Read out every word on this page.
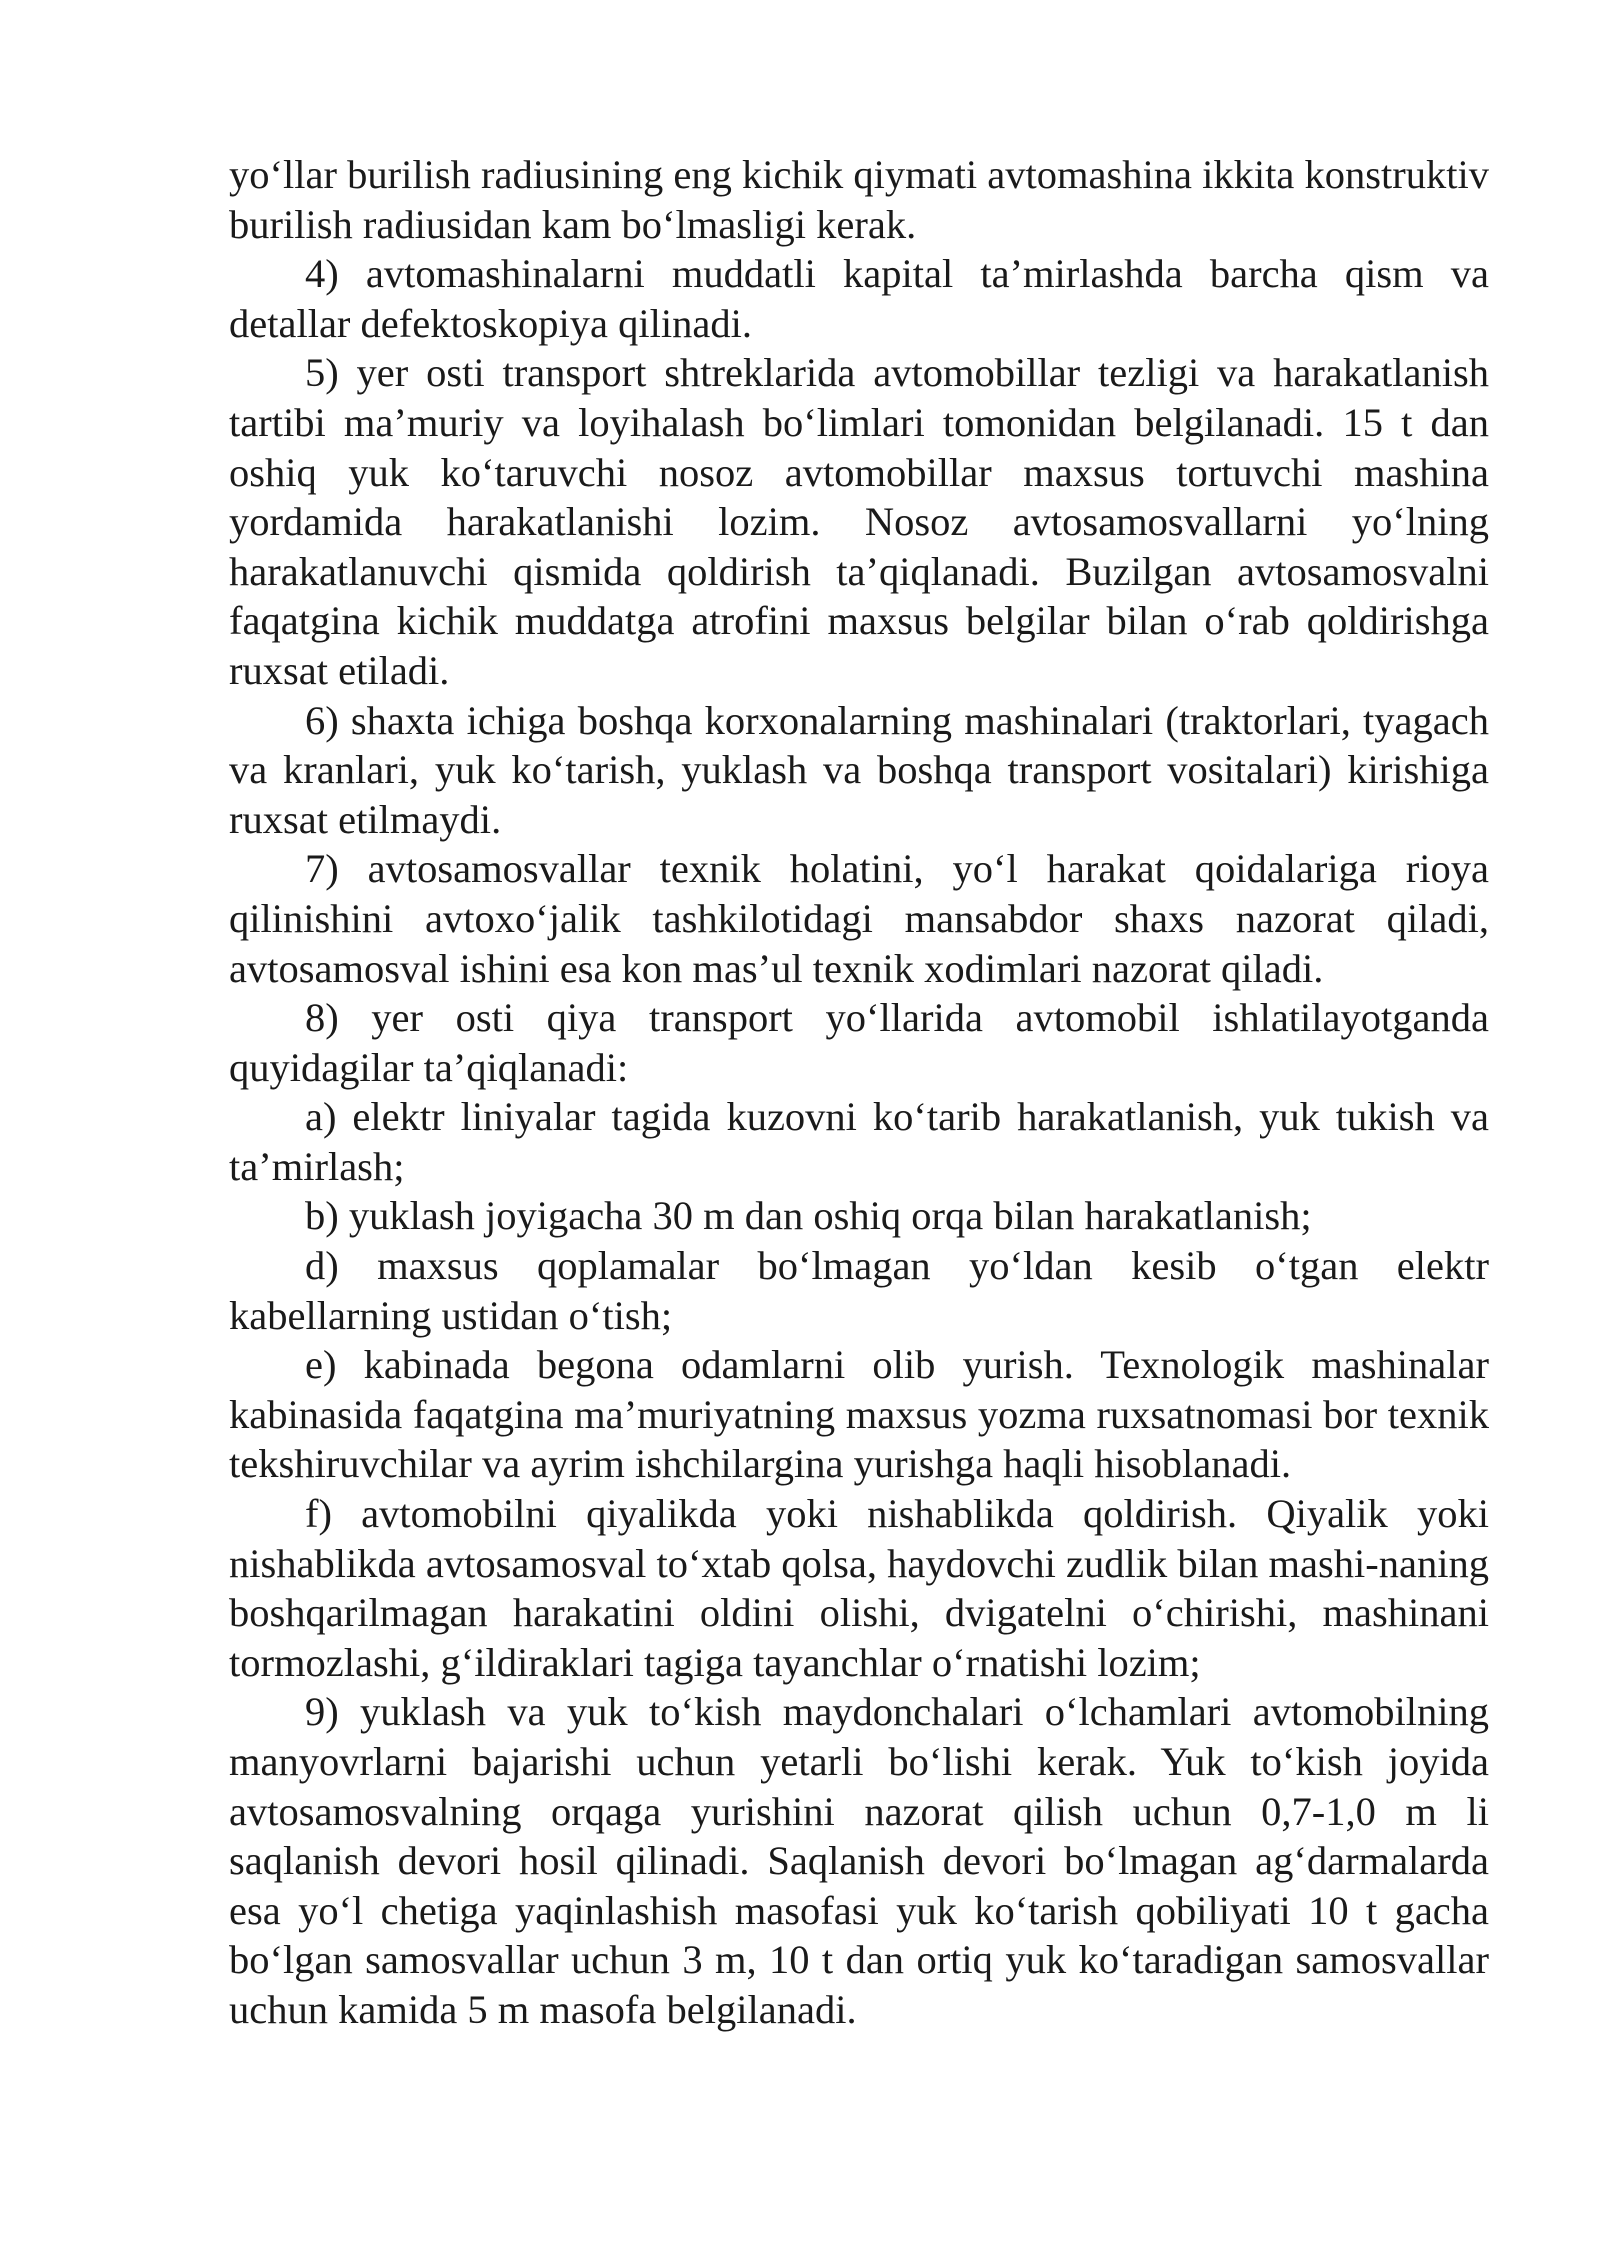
yo‘llar burilish radiusining eng kichik qiymati avtomashina ikkita konstruktiv burilish radiusidan kam bo‘lmasligi kerak.

4) avtomashinalarni muddatli kapital ta’mirlashda barcha qism va detallar defektoskopiya qilinadi.

5) yer osti transport shtreklarida avtomobillar tezligi va harakatlanish tartibi ma’muriy va loyihalash bo‘limlari tomonidan belgilanadi. 15 t dan oshiq yuk ko‘taruvchi nosoz avtomobillar maxsus tortuvchi mashina yordamida harakatlanishi lozim. Nosoz avtosamosvallarni yo‘lning harakatlanuvchi qismida qoldirish ta’qiqlanadi. Buzilgan avtosamosvalni faqatgina kichik muddatga atrofini maxsus belgilar bilan o‘rab qoldirishga ruxsat etiladi.

6) shaxta ichiga boshqa korxonalarning mashinalari (traktorlari, tyagach va kranlari, yuk ko‘tarish, yuklash va boshqa transport vositalari) kirishiga ruxsat etilmaydi.

7) avtosamosvallar texnik holatini, yo‘l harakat qoidalariga rioya qilinishini avtoxo‘jalik tashkilotidagi mansabdor shaxs nazorat qiladi, avtosamosval ishini esa kon mas’ul texnik xodimlari nazorat qiladi.

8) yer osti qiya transport yo‘llarida avtomobil ishlatilayotganda quyidagilar ta’qiqlanadi:

a) elektr liniyalar tagida kuzovni ko‘tarib harakatlanish, yuk tukish va ta’mirlash;

b) yuklash joyigacha 30 m dan oshiq orqa bilan harakatlanish;

d) maxsus qoplamalar bo‘lmagan yo‘ldan kesib o‘tgan elektr kabellarning ustidan o‘tish;

e) kabinada begona odamlarni olib yurish. Texnologik mashinalar kabinasida faqatgina ma’muriyatning maxsus yozma ruxsatnomasi bor texnik tekshiruvchilar va ayrim ishchilargina yurishga haqli hisoblanadi.

f) avtomobilni qiyalikda yoki nishablikda qoldirish. Qiyalik yoki nishablikda avtosamosval to‘xtab qolsa, haydovchi zudlik bilan mashi-naning boshqarilmagan harakatini oldini olishi, dvigatelni o‘chirishi, mashinani tormozlashi, g‘ildiraklari tagiga tayanchlar o‘rnatishi lozim;

9) yuklash va yuk to‘kish maydonchalari o‘lchamlari avtomobilning manyovrlarni bajarishi uchun yetarli bo‘lishi kerak. Yuk to‘kish joyida avtosamosvalning orqaga yurishini nazorat qilish uchun 0,7-1,0 m li saqlanish devori hosil qilinadi. Saqlanish devori bo‘lmagan ag‘darmalarda esa yo‘l chetiga yaqinlashish masofasi yuk ko‘tarish qobiliyati 10 t gacha bo‘lgan samosvallar uchun 3 m, 10 t dan ortiq yuk ko‘taradigan samosvallar uchun kamida 5 m masofa belgilanadi.
